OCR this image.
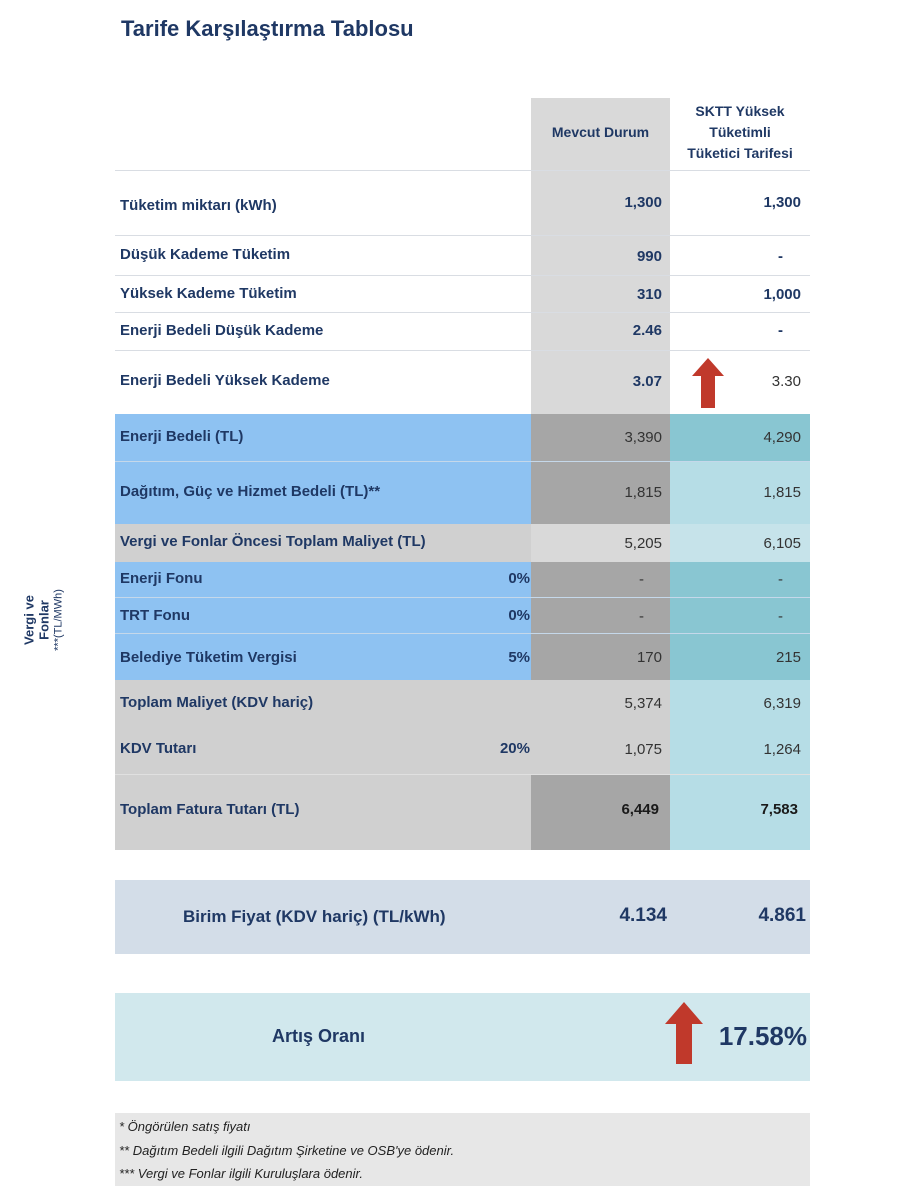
Tarife Karşılaştırma Tablosu
Mevcut Durum
SKTT Yüksek
Tüketimli
Tüketici Tarifesi
Vergi ve Fonlar ***(TL/MWh)
Tüketim miktarı (kWh)	1,300	1,300
Düşük Kademe Tüketim	990	-
Yüksek Kademe Tüketim	310	1,000
Enerji Bedeli Düşük Kademe	2.46	-
Enerji Bedeli Yüksek Kademe	3.07	3.30
Enerji Bedeli (TL)	3,390	4,290
Dağıtım, Güç ve Hizmet Bedeli (TL)**	1,815	1,815
Vergi ve Fonlar Öncesi Toplam Maliyet (TL)	5,205	6,105
Enerji Fonu	0%	-	-
TRT Fonu	0%	-	-
Belediye Tüketim Vergisi	5%	170	215
Toplam Maliyet (KDV hariç)	5,374	6,319
KDV Tutarı	20%	1,075	1,264
Toplam Fatura Tutarı (TL)	6,449	7,583
Birim Fiyat (KDV hariç) (TL/kWh)	4.134	4.861
Artış Oranı	17.58%
* Öngörülen satış fiyatı
** Dağıtım Bedeli ilgili Dağıtım Şirketine ve OSB'ye ödenir.
*** Vergi ve Fonlar ilgili Kuruluşlara ödenir.
